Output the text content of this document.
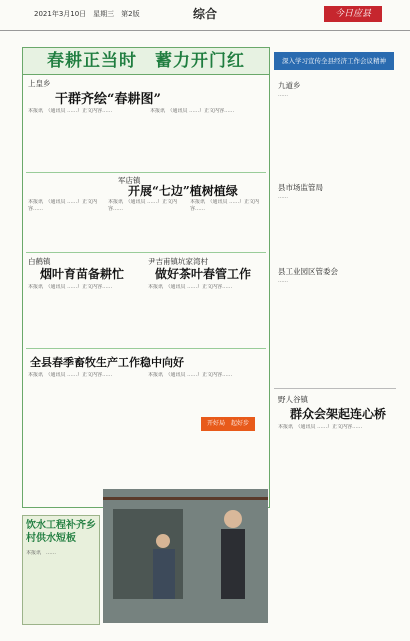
2021年3月10日　星期三　第2版	综合	今日应县
春耕正当时　蓄力开门红
上皇乡
干群齐绘“春耕图”
本报讯　（通讯员 ……）正文内容……	本报讯　（通讯员 ……）正文内容……
军店镇
开展“七边”植树植绿
本报讯　（通讯员 ……）正文内容……
本报讯　（通讯员 ……）正文内容……
本报讯　（通讯员 ……）正文内容……
白鹤镇
烟叶育苗备耕忙
本报讯　（通讯员 ……）正文内容……
尹吉甫镇坑家湾村
做好茶叶春管工作
本报讯　（通讯员 ……）正文内容……
全县春季畜牧生产工作稳中向好
本报讯　（通讯员 ……）正文内容……	本报讯　（通讯员 ……）正文内容……
开好局　起好步
饮水工程补齐乡村供水短板
本报讯　……
深入学习宣传全县经济工作会议精神
九道乡
……
县市场监管局
……
县工业园区管委会
……
野人谷镇
群众会架起连心桥
本报讯　（通讯员 ……）正文内容……
